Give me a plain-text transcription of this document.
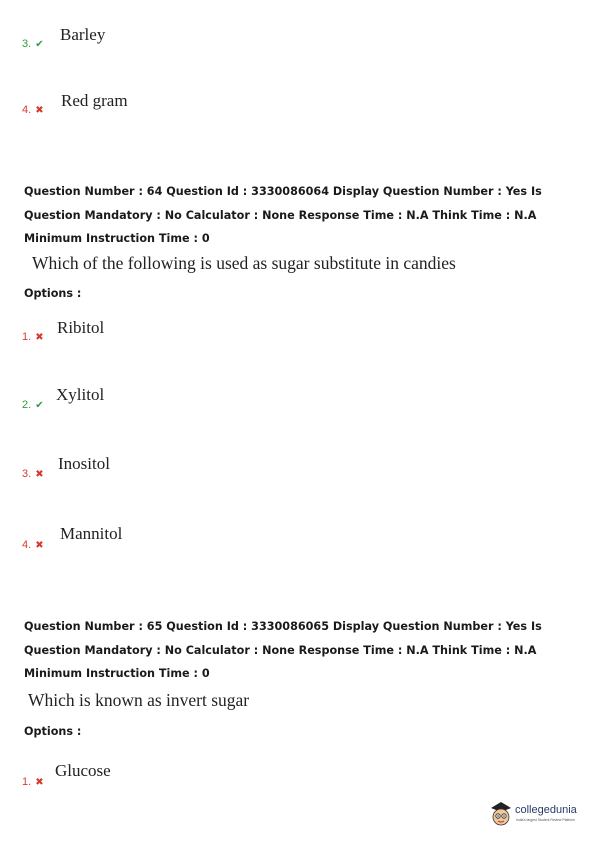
3. ✔
Barley
4. ✖
Red gram
Question Number : 64 Question Id : 3330086064 Display Question Number : Yes Is Question Mandatory : No Calculator : None Response Time : N.A Think Time : N.A Minimum Instruction Time : 0
Which of the following is used as sugar substitute in candies
Options :
1. ✖
Ribitol
2. ✔
Xylitol
3. ✖
Inositol
4. ✖
Mannitol
Question Number : 65 Question Id : 3330086065 Display Question Number : Yes Is Question Mandatory : No Calculator : None Response Time : N.A Think Time : N.A Minimum Instruction Time : 0
Which is known as invert sugar
Options :
1. ✖
Glucose
collegedunia
India's largest Student Review Platform
